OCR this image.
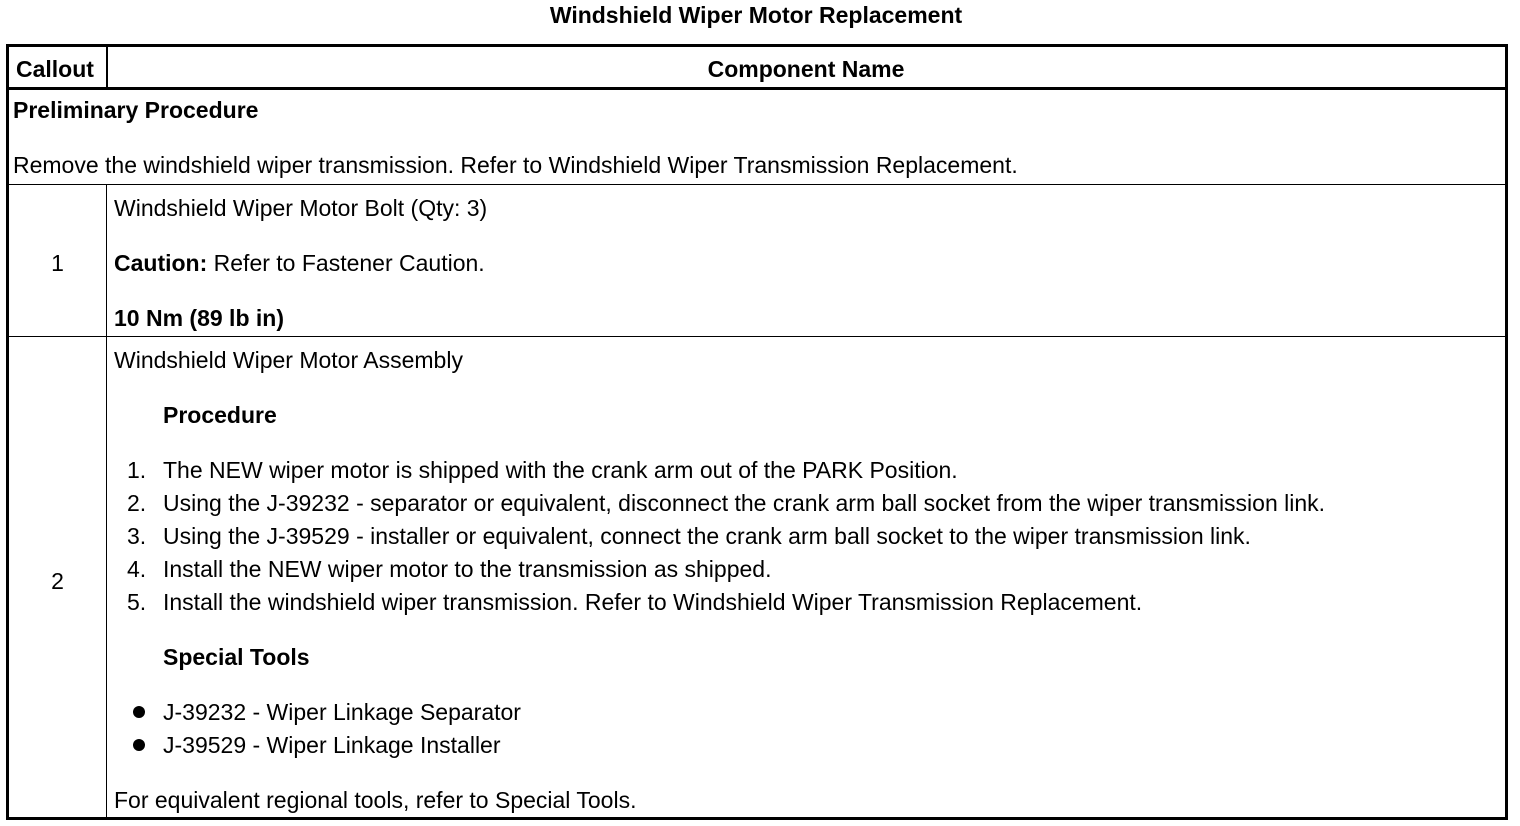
Windshield Wiper Motor Replacement
Callout	Component Name
Preliminary Procedure
Remove the windshield wiper transmission. Refer to Windshield Wiper Transmission Replacement.
1
Windshield Wiper Motor Bolt (Qty: 3)
Caution: Refer to Fastener Caution.
10 Nm (89 lb in)
2
Windshield Wiper Motor Assembly
Procedure
1. The NEW wiper motor is shipped with the crank arm out of the PARK Position.
2. Using the J-39232 - separator or equivalent, disconnect the crank arm ball socket from the wiper transmission link.
3. Using the J-39529 - installer or equivalent, connect the crank arm ball socket to the wiper transmission link.
4. Install the NEW wiper motor to the transmission as shipped.
5. Install the windshield wiper transmission. Refer to Windshield Wiper Transmission Replacement.
Special Tools
J-39232 - Wiper Linkage Separator
J-39529 - Wiper Linkage Installer
For equivalent regional tools, refer to Special Tools.
